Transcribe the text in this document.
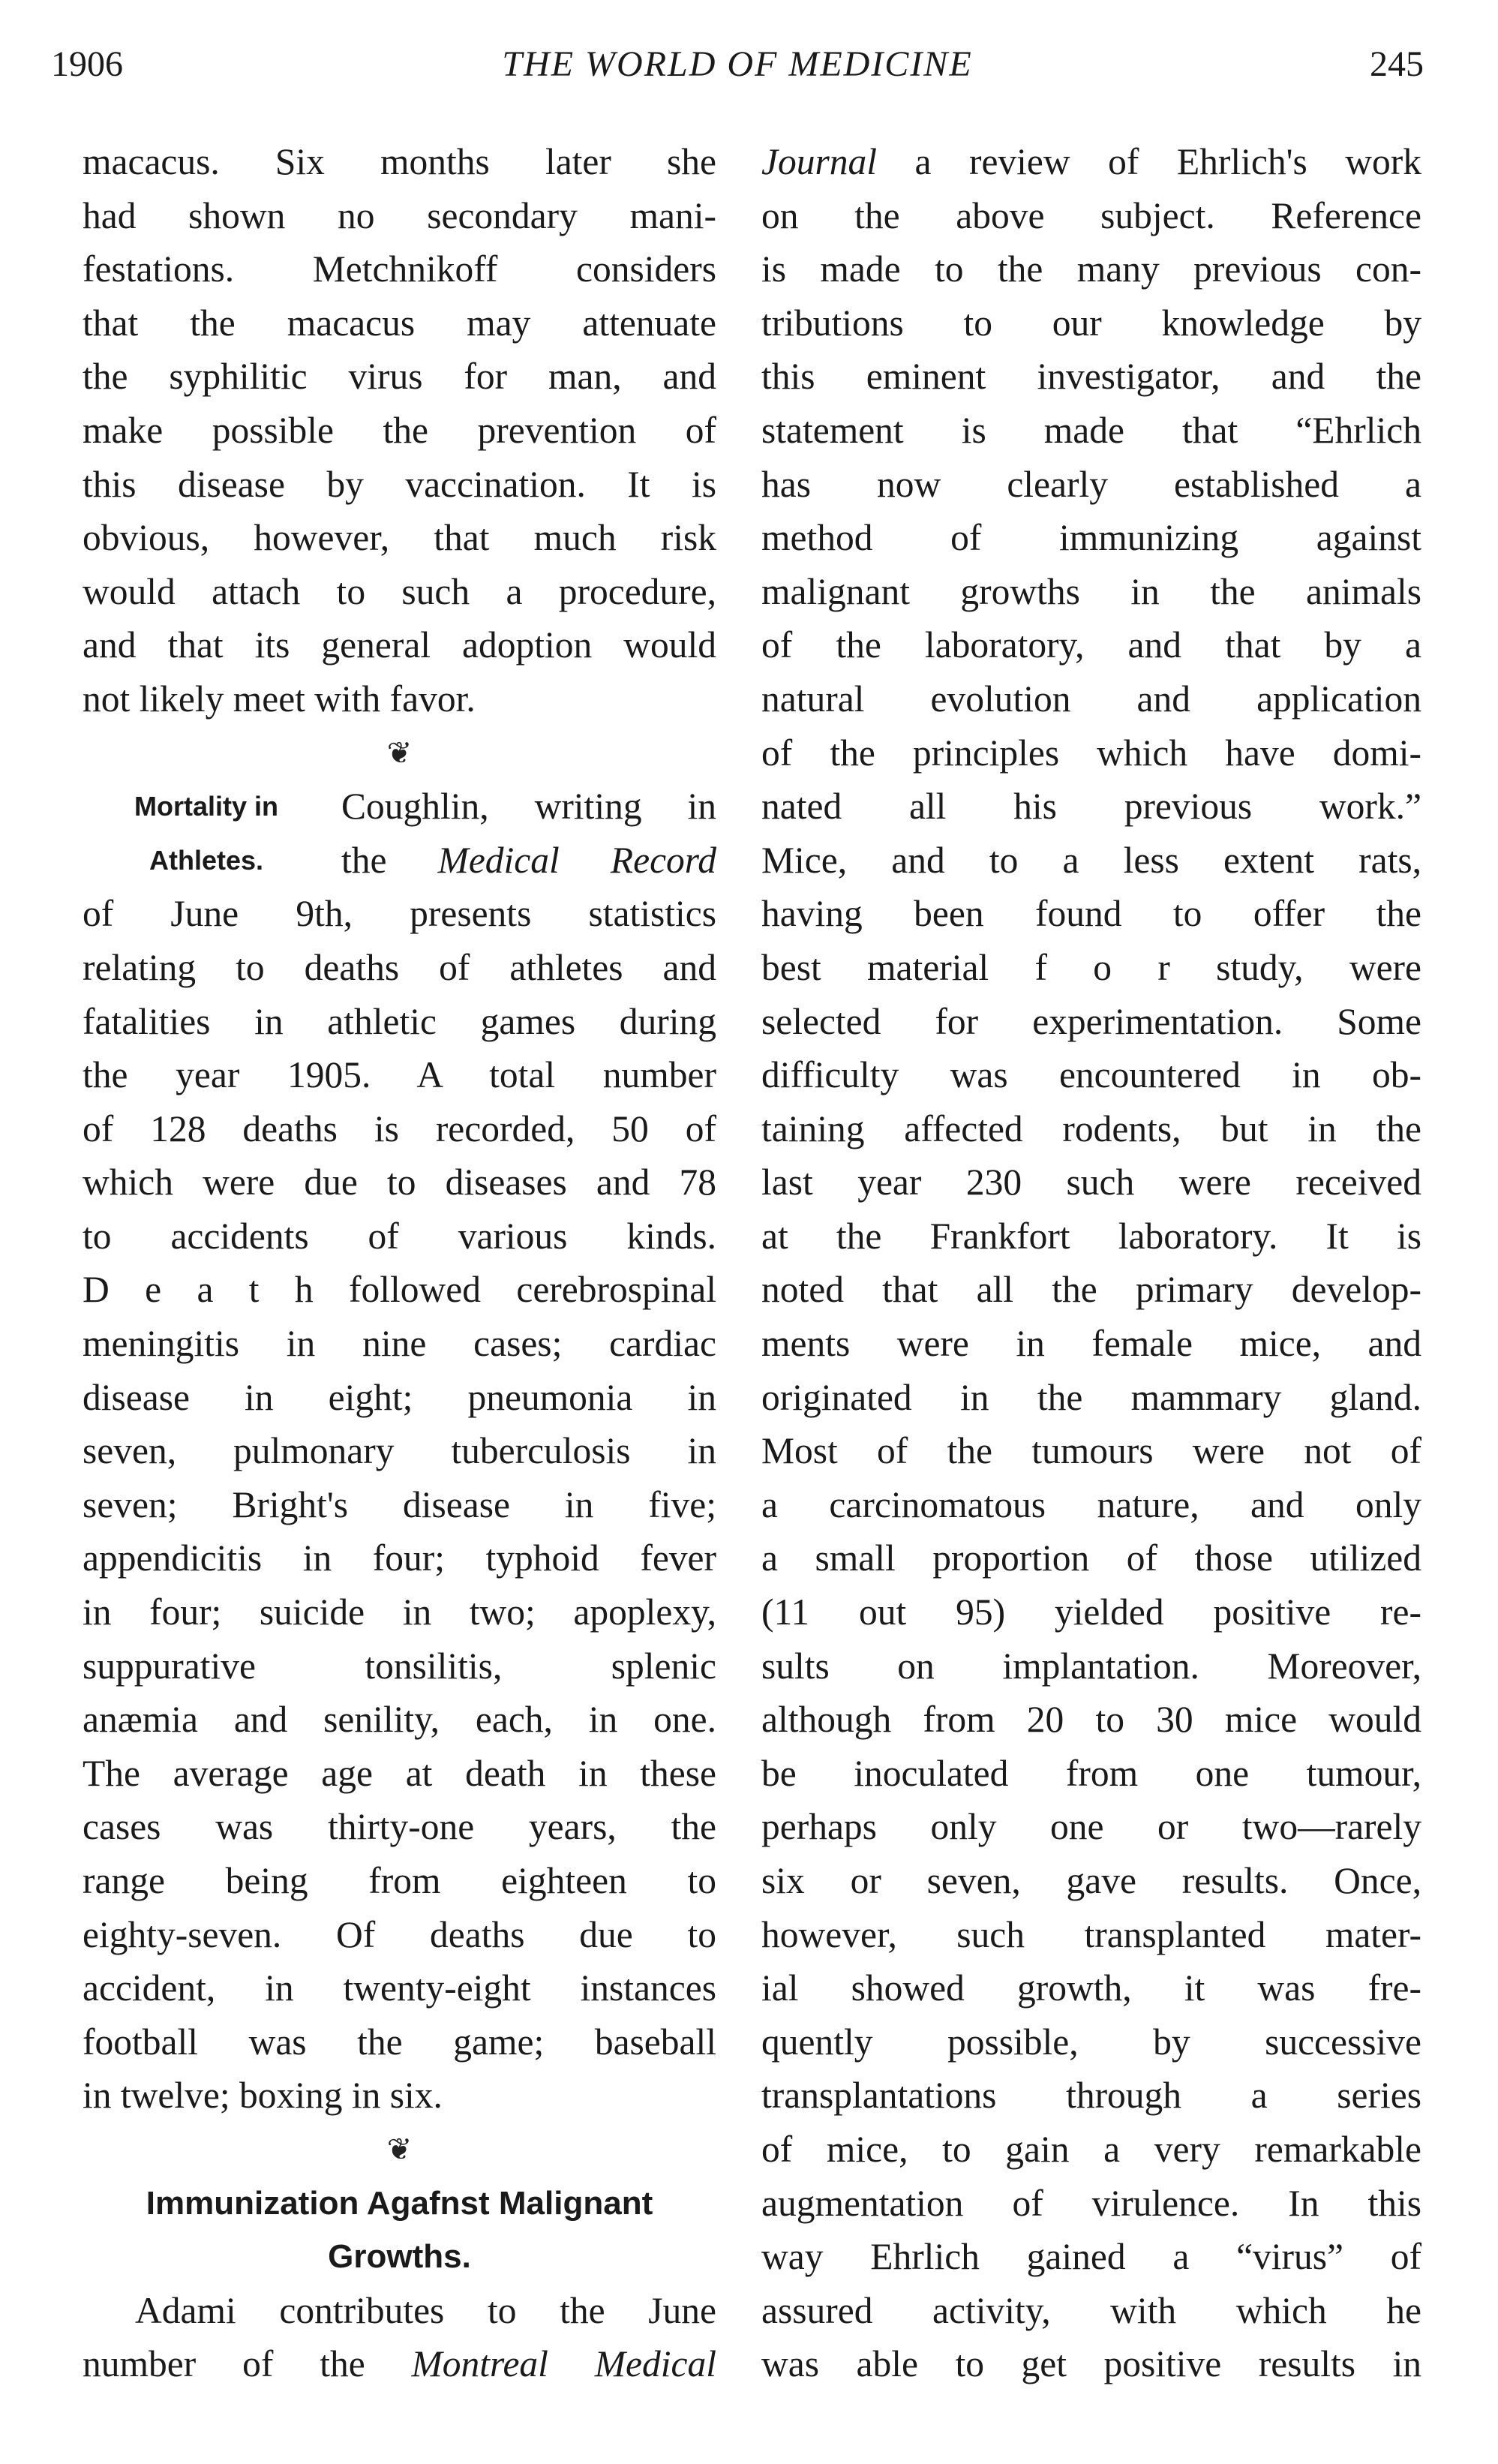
1906	THE WORLD OF MEDICINE	245
macacus. Six months later she
had shown no secondary mani-
festations. Metchnikoff considers
that the macacus may attenuate
the syphilitic virus for man, and
make possible the prevention of
this disease by vaccination. It is
obvious, however, that much risk
would attach to such a procedure,
and that its general adoption would
not likely meet with favor.
❦
Mortality in	Coughlin, writing in
Athletes.	the Medical Record
of June 9th, presents statistics
relating to deaths of athletes and
fatalities in athletic games during
the year 1905. A total number
of 128 deaths is recorded, 50 of
which were due to diseases and 78
to accidents of various kinds.
D e a t h followed cerebrospinal
meningitis in nine cases; cardiac
disease in eight; pneumonia in
seven, pulmonary tuberculosis in
seven; Bright's disease in five;
appendicitis in four; typhoid fever
in four; suicide in two; apoplexy,
suppurative tonsilitis, splenic
anæmia and senility, each, in one.
The average age at death in these
cases was thirty-one years, the
range being from eighteen to
eighty-seven. Of deaths due to
accident, in twenty-eight instances
football was the game; baseball
in twelve; boxing in six.
❦
Immunization Agafnst Malignant
Growths.
Adami contributes to the June
number of the Montreal Medical
Journal a review of Ehrlich's work
on the above subject. Reference
is made to the many previous con-
tributions to our knowledge by
this eminent investigator, and the
statement is made that “Ehrlich
has now clearly established a
method of immunizing against
malignant growths in the animals
of the laboratory, and that by a
natural evolution and application
of the principles which have domi-
nated all his previous work.”
Mice, and to a less extent rats,
having been found to offer the
best material f o r study, were
selected for experimentation. Some
difficulty was encountered in ob-
taining affected rodents, but in the
last year 230 such were received
at the Frankfort laboratory. It is
noted that all the primary develop-
ments were in female mice, and
originated in the mammary gland.
Most of the tumours were not of
a carcinomatous nature, and only
a small proportion of those utilized
(11 out 95) yielded positive re-
sults on implantation. Moreover,
although from 20 to 30 mice would
be inoculated from one tumour,
perhaps only one or two—rarely
six or seven, gave results. Once,
however, such transplanted mater-
ial showed growth, it was fre-
quently possible, by successive
transplantations through a series
of mice, to gain a very remarkable
augmentation of virulence. In this
way Ehrlich gained a “virus” of
assured activity, with which he
was able to get positive results in
